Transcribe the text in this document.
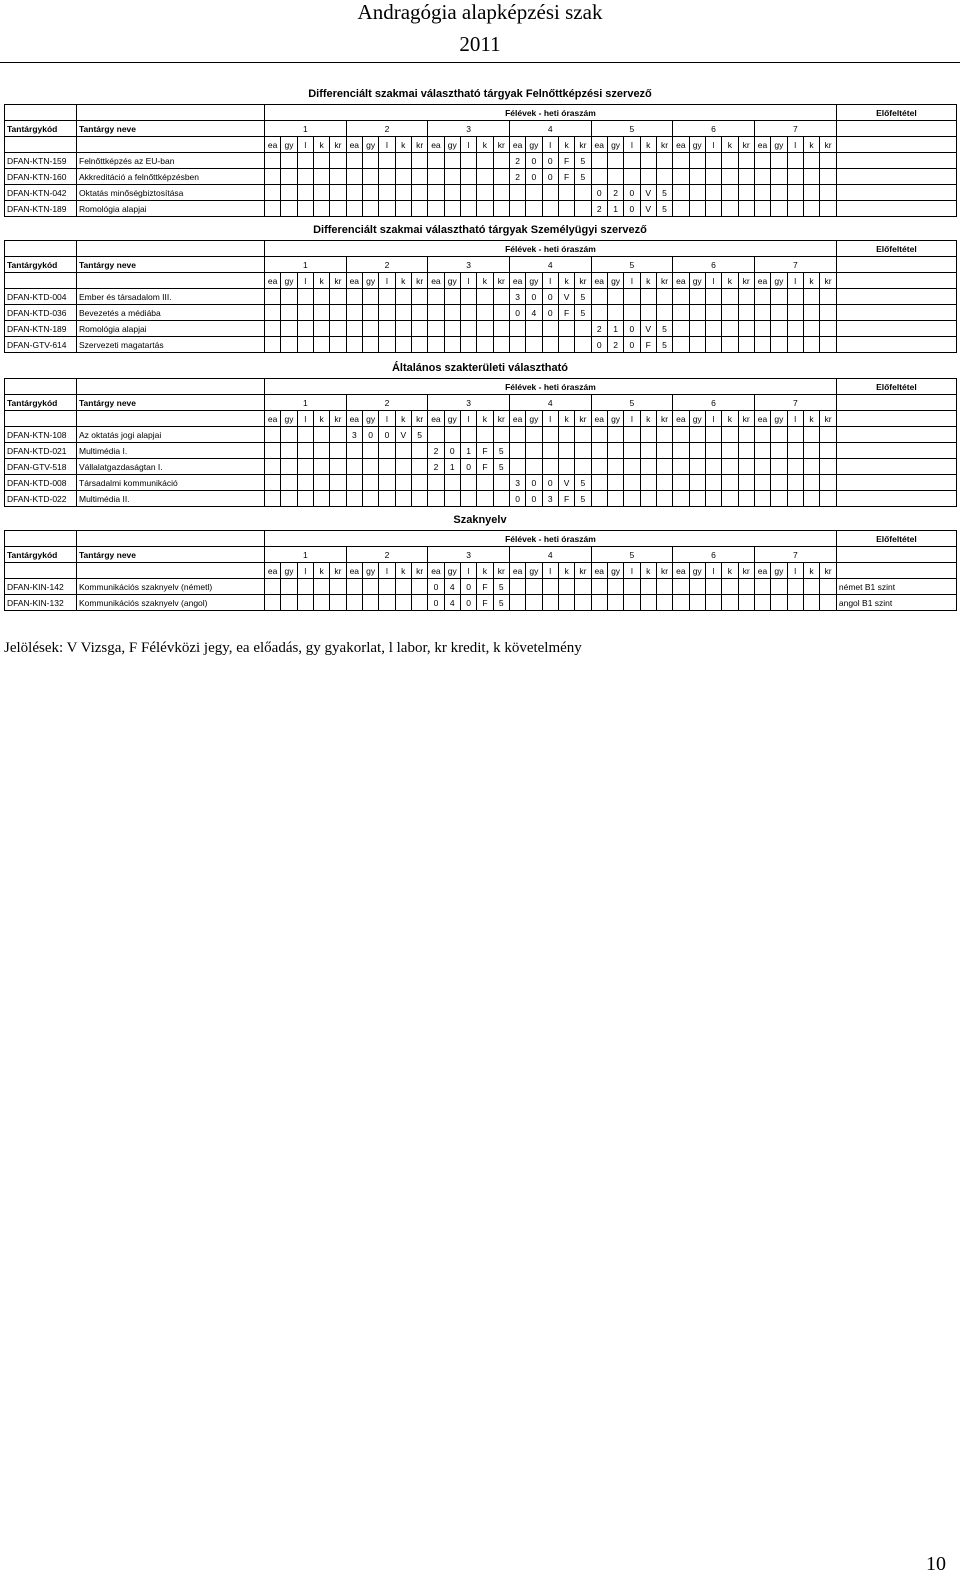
Andragógia alapképzési szak
2011
Differenciált szakmai választható tárgyak Felnőttképzési szervező
		Félévek - heti óraszám																																			Előfeltétel
Tantárgykód	Tantárgy neve	1					2					3					4					5					6					7					
		ea	gy	l	k	kr	ea	gy	l	k	kr	ea	gy	l	k	kr	ea	gy	l	k	kr	ea	gy	l	k	kr	ea	gy	l	k	kr	ea	gy	l	k	kr	
DFAN-KTN-159	Felnőttképzés az EU-ban																2	0	0	F	5																
DFAN-KTN-160	Akkreditáció a felnőttképzésben																2	0	0	F	5																
DFAN-KTN-042	Oktatás minőségbiztosítása																					0	2	0	V	5											
DFAN-KTN-189	Romológia alapjai																					2	1	0	V	5											
Differenciált szakmai választható tárgyak Személyügyi szervező
		Félévek - heti óraszám																																			Előfeltétel
Tantárgykód	Tantárgy neve	1					2					3					4					5					6					7					
		ea	gy	l	k	kr	ea	gy	l	k	kr	ea	gy	l	k	kr	ea	gy	l	k	kr	ea	gy	l	k	kr	ea	gy	l	k	kr	ea	gy	l	k	kr	
DFAN-KTD-004	Ember és társadalom III.																3	0	0	V	5																
DFAN-KTD-036	Bevezetés a médiába																0	4	0	F	5																
DFAN-KTN-189	Romológia alapjai																					2	1	0	V	5											
DFAN-GTV-614	Szervezeti magatartás																					0	2	0	F	5											
Általános szakterületi választható
		Félévek - heti óraszám																																			Előfeltétel
Tantárgykód	Tantárgy neve	1					2					3					4					5					6					7					
		ea	gy	l	k	kr	ea	gy	l	k	kr	ea	gy	l	k	kr	ea	gy	l	k	kr	ea	gy	l	k	kr	ea	gy	l	k	kr	ea	gy	l	k	kr	
DFAN-KTN-108	Az oktatás jogi alapjai						3	0	0	V	5																										
DFAN-KTD-021	Multimédia I.											2	0	1	F	5																					
DFAN-GTV-518	Vállalatgazdaságtan I.											2	1	0	F	5																					
DFAN-KTD-008	Társadalmi kommunikáció																3	0	0	V	5																
DFAN-KTD-022	Multimédia II.																0	0	3	F	5																
Szaknyelv
		Félévek - heti óraszám																																			Előfeltétel
Tantárgykód	Tantárgy neve	1					2					3					4					5					6					7					
		ea	gy	l	k	kr	ea	gy	l	k	kr	ea	gy	l	k	kr	ea	gy	l	k	kr	ea	gy	l	k	kr	ea	gy	l	k	kr	ea	gy	l	k	kr	
DFAN-KIN-142	Kommunikációs szaknyelv (németl)											0	4	0	F	5																					német B1 szint
DFAN-KIN-132	Kommunikációs szaknyelv (angol)											0	4	0	F	5																					angol B1 szint
Jelölések: V Vizsga, F Félévközi jegy, ea előadás, gy gyakorlat, l labor, kr kredit, k követelmény
10
